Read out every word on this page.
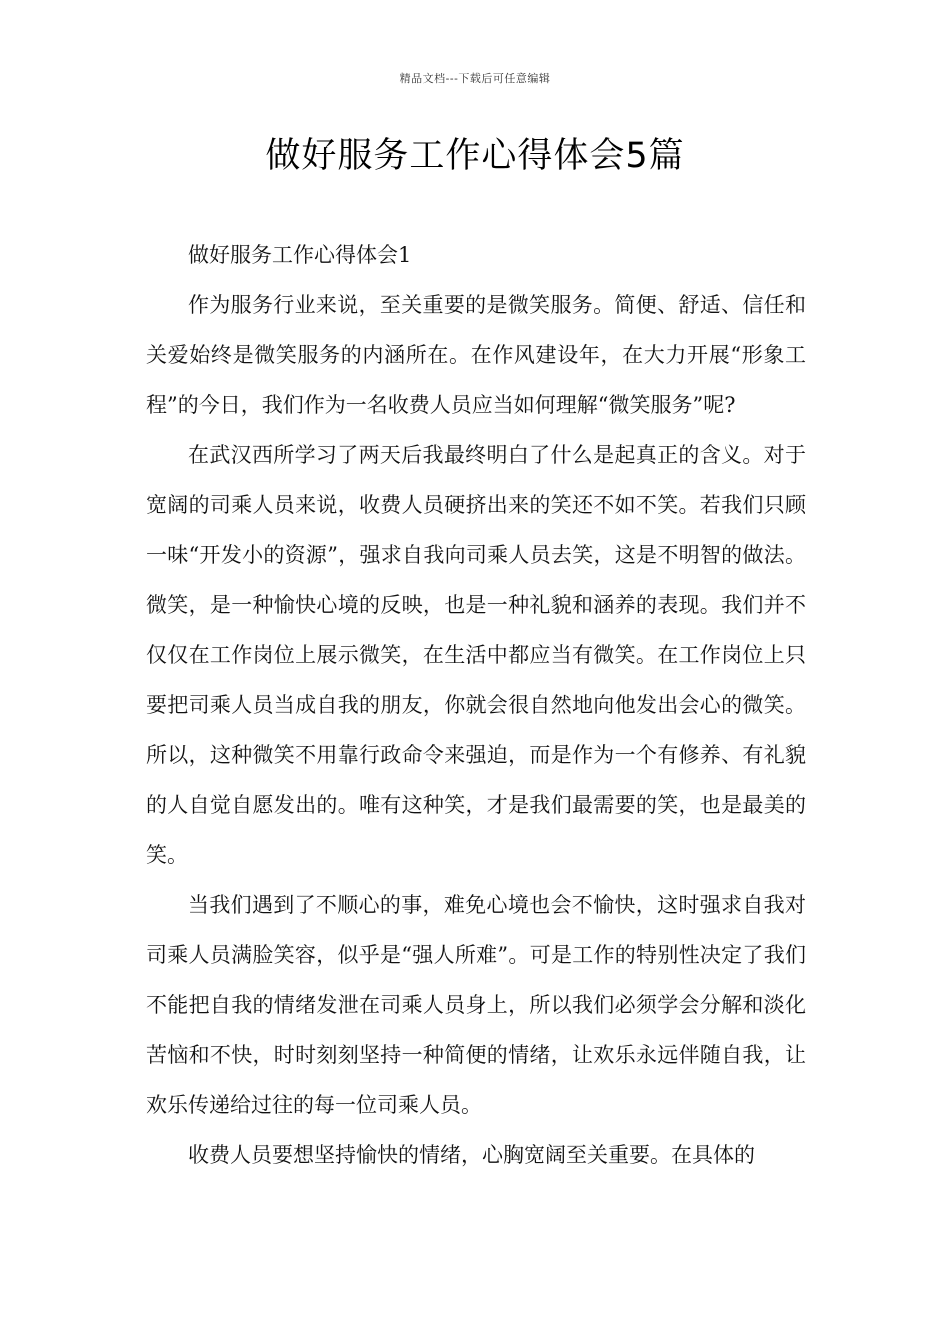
精品文档---下载后可任意编辑
做好服务工作心得体会5篇

做好服务工作心得体会1

作为服务行业来说，至关重要的是微笑服务。简便、舒适、信任和关爱始终是微笑服务的内涵所在。在作风建设年，在大力开展“形象工程”的今日，我们作为一名收费人员应当如何理解“微笑服务”呢?

在武汉西所学习了两天后我最终明白了什么是起真正的含义。对于宽阔的司乘人员来说，收费人员硬挤出来的笑还不如不笑。若我们只顾一味“开发小的资源”，强求自我向司乘人员去笑，这是不明智的做法。微笑，是一种愉快心境的反映，也是一种礼貌和涵养的表现。我们并不仅仅在工作岗位上展示微笑，在生活中都应当有微笑。在工作岗位上只要把司乘人员当成自我的朋友，你就会很自然地向他发出会心的微笑。所以，这种微笑不用靠行政命令来强迫，而是作为一个有修养、有礼貌的人自觉自愿发出的。唯有这种笑，才是我们最需要的笑，也是最美的笑。

当我们遇到了不顺心的事，难免心境也会不愉快，这时强求自我对司乘人员满脸笑容，似乎是“强人所难”。可是工作的特别性决定了我们不能把自我的情绪发泄在司乘人员身上，所以我们必须学会分解和淡化苦恼和不快，时时刻刻坚持一种简便的情绪，让欢乐永远伴随自我，让欢乐传递给过往的每一位司乘人员。

收费人员要想坚持愉快的情绪，心胸宽阔至关重要。在具体的
